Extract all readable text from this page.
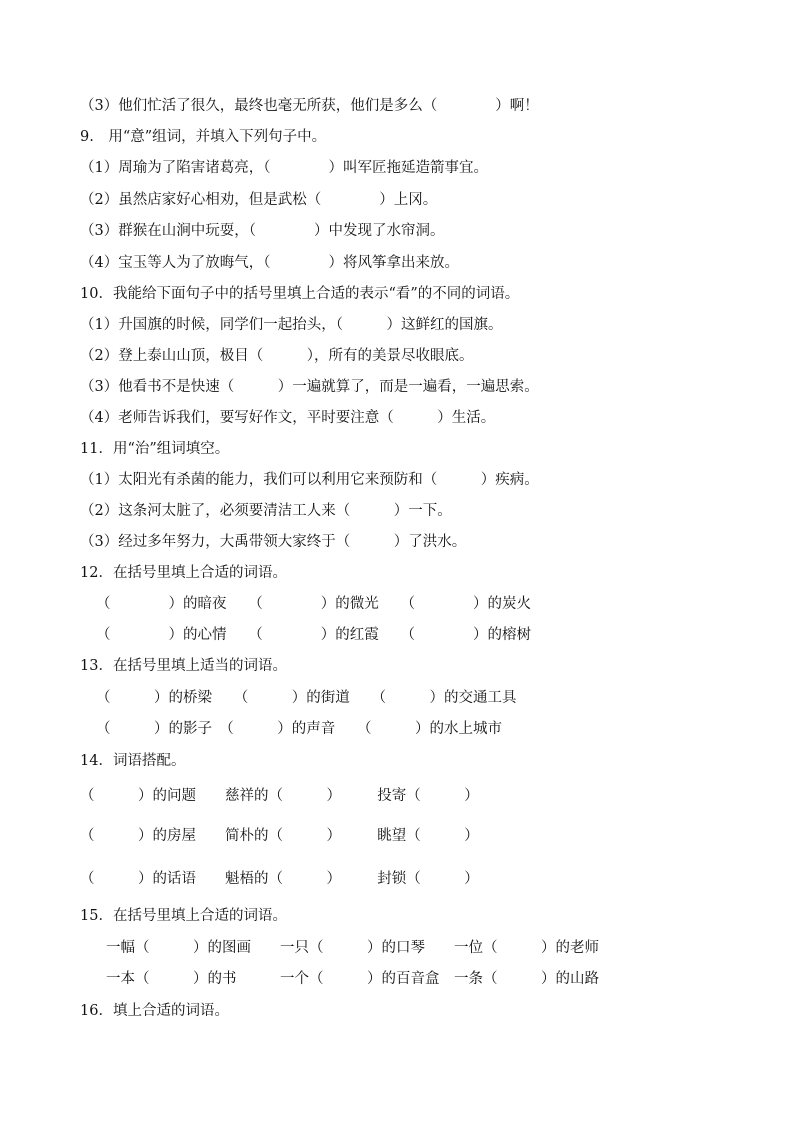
（3）他们忙活了很久，最终也毫无所获，他们是多么（　　　　）啊！
9.　用“意”组词，并填入下列句子中。
（1）周瑜为了陷害诸葛亮，（　　　　）叫军匠拖延造箭事宜。
（2）虽然店家好心相劝，但是武松（　　　　）上冈。
（3）群猴在山涧中玩耍，（　　　　）中发现了水帘洞。
（4）宝玉等人为了放晦气，（　　　　）将风筝拿出来放。
10．我能给下面句子中的括号里填上合适的表示“看”的不同的词语。
（1）升国旗的时候，同学们一起抬头，（　　　）这鲜红的国旗。
（2）登上泰山山顶，极目（　　　），所有的美景尽收眼底。
（3）他看书不是快速（　　　）一遍就算了，而是一遍看，一遍思索。
（4）老师告诉我们，要写好作文，平时要注意（　　　）生活。
11．用“治”组词填空。
（1）太阳光有杀菌的能力，我们可以利用它来预防和（　　　）疾病。
（2）这条河太脏了，必须要清洁工人来（　　　）一下。
（3）经过多年努力，大禹带领大家终于（　　　）了洪水。
12．在括号里填上合适的词语。
（　　　　）的暗夜　　（　　　　）的微光　　（　　　　）的炭火
（　　　　）的心情　　（　　　　）的红霞　　（　　　　）的榕树
13．在括号里填上适当的词语。
（　　　）的桥梁　　（　　　）的街道　　（　　　）的交通工具
（　　　）的影子　（　　　）的声音　　（　　　）的水上城市
14．词语搭配。
（　　　）的问题　　慈祥的（　　　）　　　投寄（　　　）
（　　　）的房屋　　简朴的（　　　）　　　眺望（　　　）
（　　　）的话语　　魁梧的（　　　）　　　封锁（　　　）
15．在括号里填上合适的词语。
一幅（　　　）的图画　　一只（　　　）的口琴　　一位（　　　）的老师
一本（　　　）的书　　　一个（　　　）的百音盒　一条（　　　）的山路
16．填上合适的词语。
